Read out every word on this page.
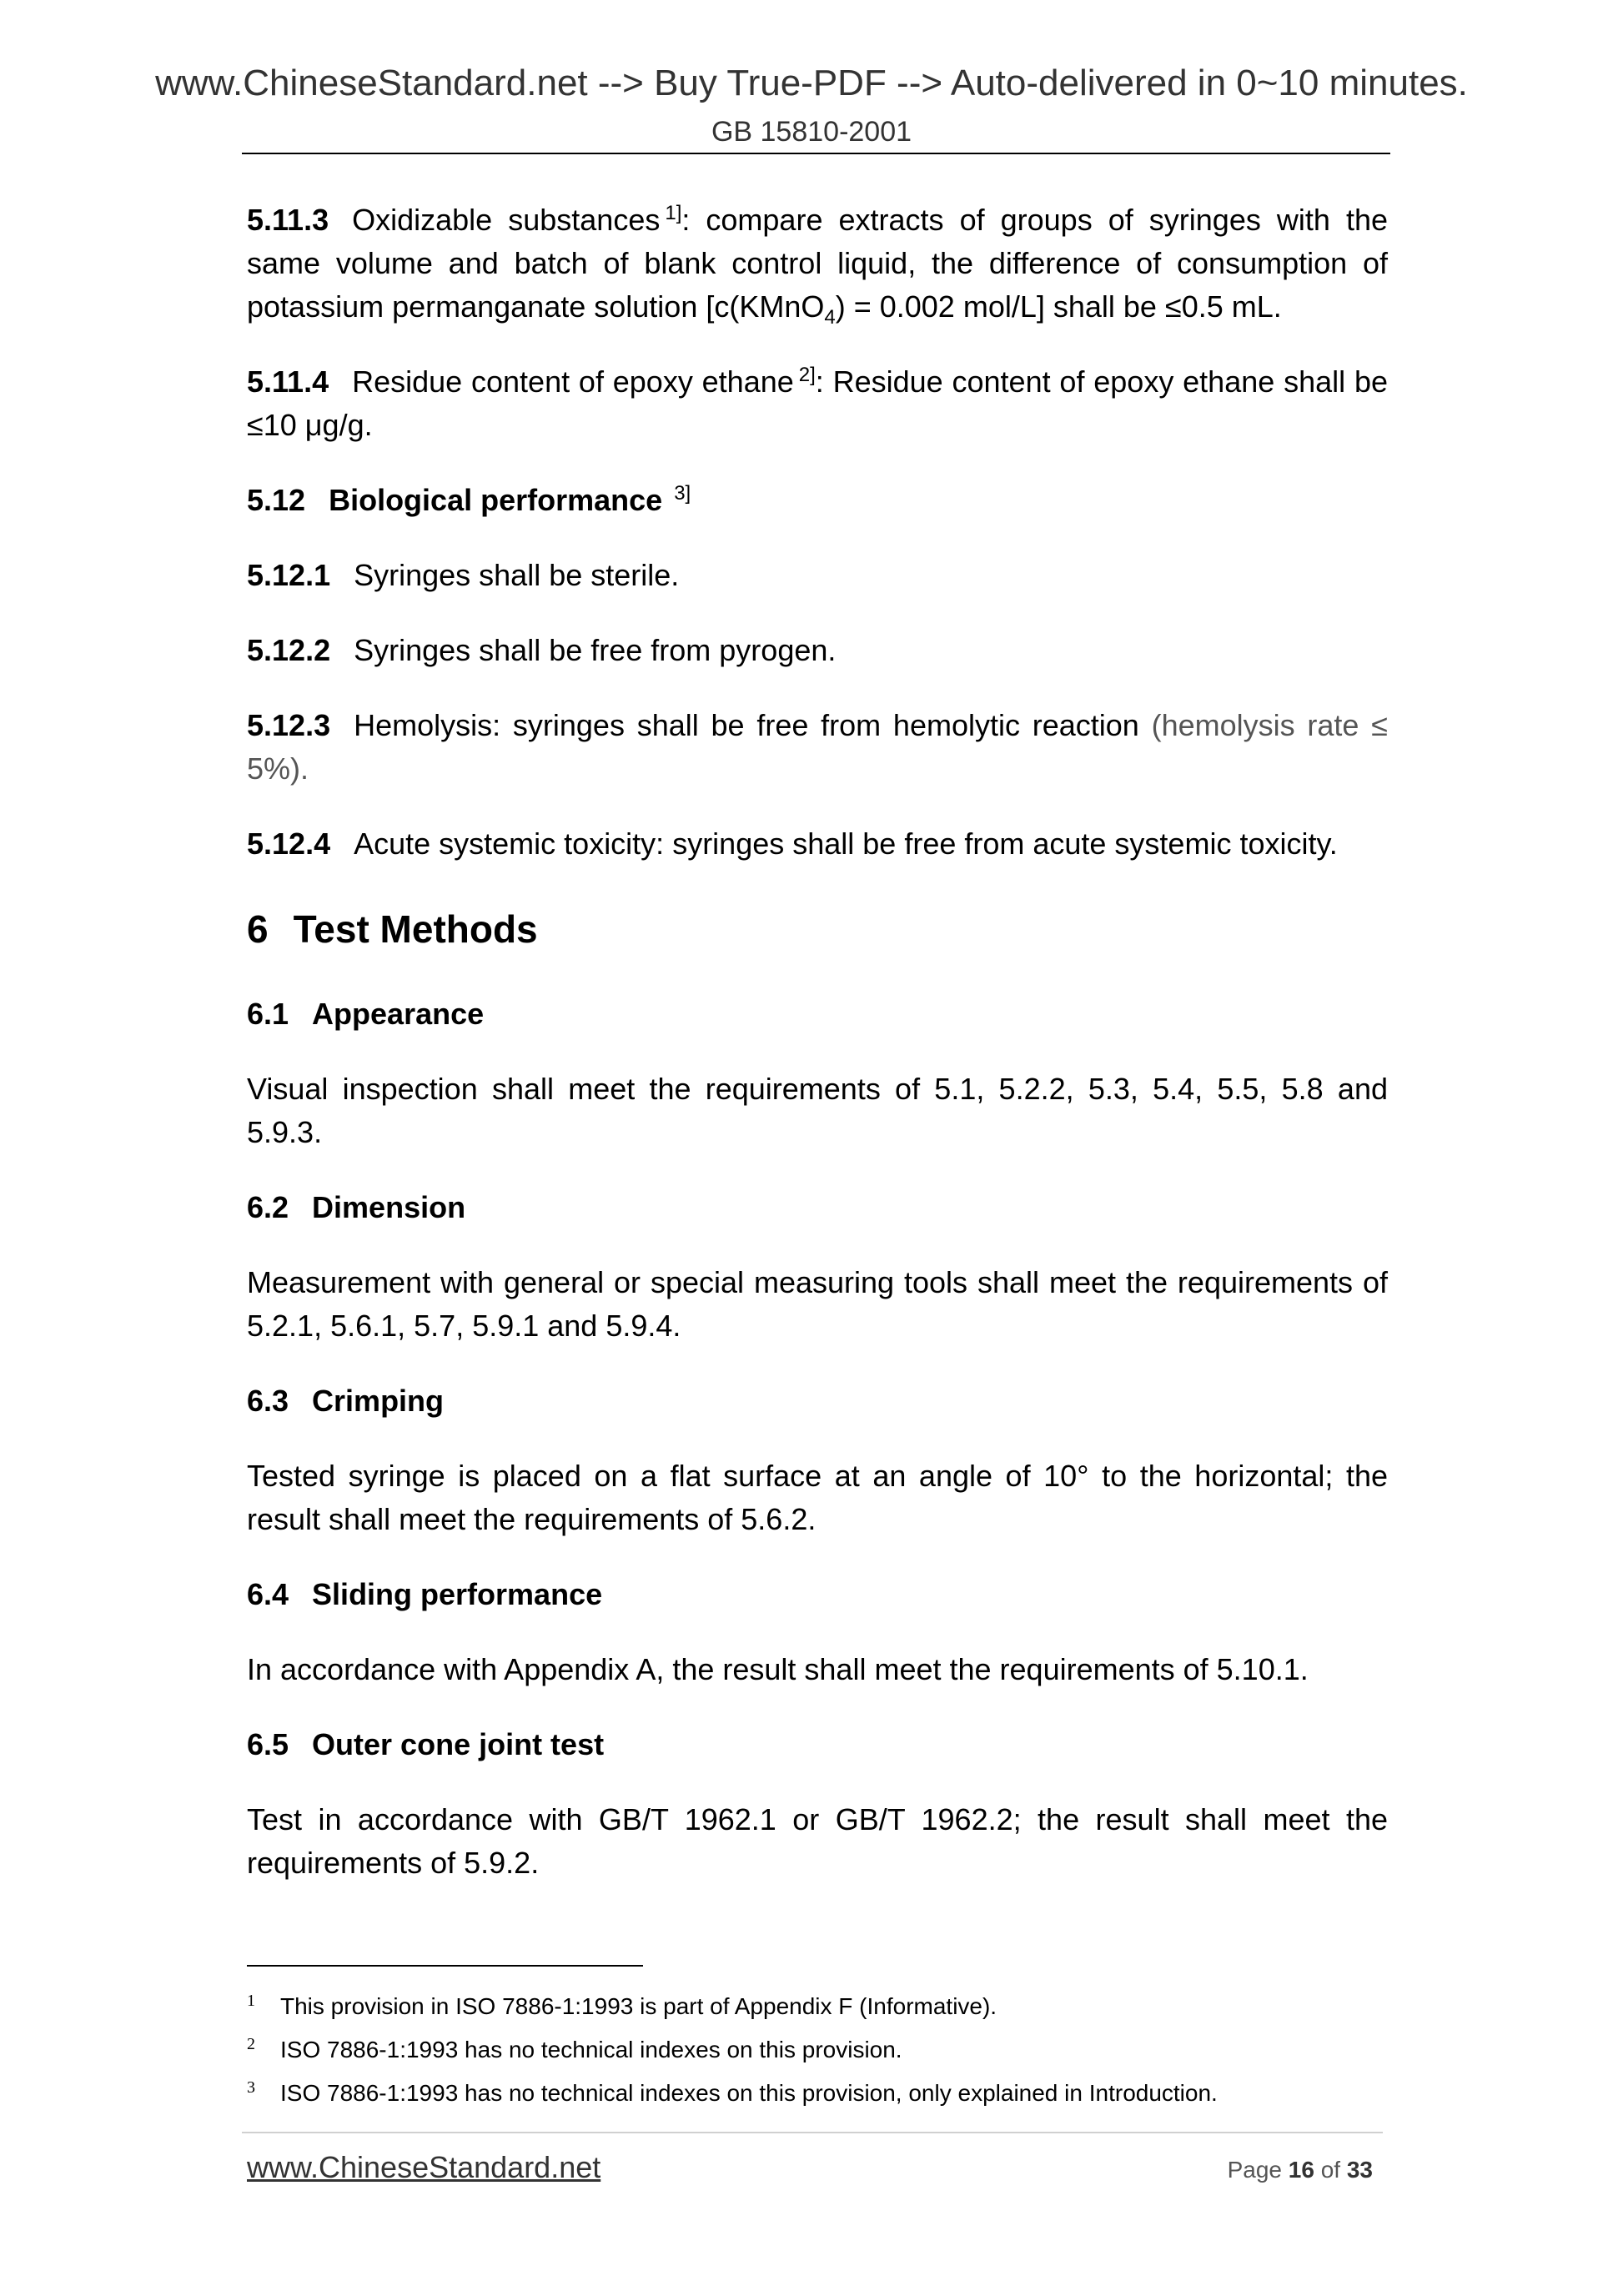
www.ChineseStandard.net --> Buy True-PDF --> Auto-delivered in 0~10 minutes.
GB 15810-2001

5.11.3 Oxidizable substances $^{1]}$: compare extracts of groups of syringes with the same volume and batch of blank control liquid, the difference of consumption of potassium permanganate solution [c(KMnO$_4$) = 0.002 mol/L] shall be ≤0.5 mL.

5.11.4 Residue content of epoxy ethane $^{2]}$: Residue content of epoxy ethane shall be ≤10 μg/g.

5.12 Biological performance $^{3]}$

5.12.1 Syringes shall be sterile.

5.12.2 Syringes shall be free from pyrogen.

5.12.3 Hemolysis: syringes shall be free from hemolytic reaction (hemolysis rate ≤ 5%).

5.12.4 Acute systemic toxicity: syringes shall be free from acute systemic toxicity.

6 Test Methods

6.1 Appearance

Visual inspection shall meet the requirements of 5.1, 5.2.2, 5.3, 5.4, 5.5, 5.8 and 5.9.3.

6.2 Dimension

Measurement with general or special measuring tools shall meet the requirements of 5.2.1, 5.6.1, 5.7, 5.9.1 and 5.9.4.

6.3 Crimping

Tested syringe is placed on a flat surface at an angle of 10° to the horizontal; the result shall meet the requirements of 5.6.2.

6.4 Sliding performance

In accordance with Appendix A, the result shall meet the requirements of 5.10.1.

6.5 Outer cone joint test

Test in accordance with GB/T 1962.1 or GB/T 1962.2; the result shall meet the requirements of 5.9.2.

1 This provision in ISO 7886-1:1993 is part of Appendix F (Informative).
2 ISO 7886-1:1993 has no technical indexes on this provision.
3 ISO 7886-1:1993 has no technical indexes on this provision, only explained in Introduction.
www.ChineseStandard.net	Page 16 of 33
